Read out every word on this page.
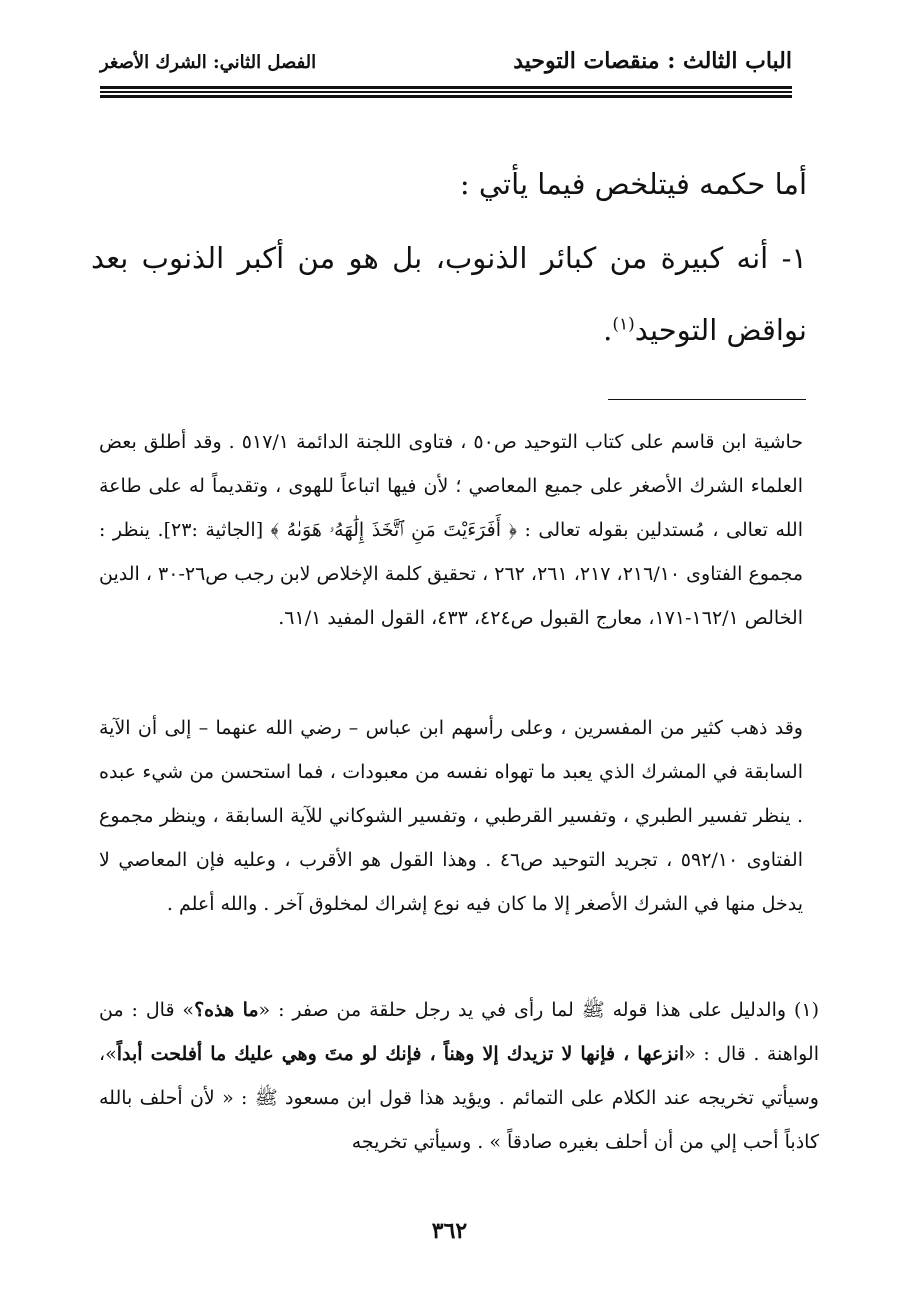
الباب الثالث : منقصات التوحيد
الفصل الثاني: الشرك الأصغر

أما حكمه فيتلخص فيما يأتي :

١- أنه كبيرة من كبائر الذنوب، بل هو من أكبر الذنوب بعد نواقض التوحيد$^{(١)}$.

حاشية ابن قاسم على كتاب التوحيد ص٥٠ ، فتاوى اللجنة الدائمة ٥١٧/١ . وقد أطلق بعض العلماء الشرك الأصغر على جميع المعاصي ؛ لأن فيها اتباعاً للهوى ، وتقديماً له على طاعة الله تعالى ، مُستدلين بقوله تعالى : ﴿ أَفَرَءَيْتَ مَنِ ٱتَّخَذَ إِلَٰهَهُۥ هَوَىٰهُ ﴾ [الجاثية :٢٣]. ينظر : مجموع الفتاوى ٢١٦/١٠، ٢١٧، ٢٦١، ٢٦٢ ، تحقيق كلمة الإخلاص لابن رجب ص٢٦-٣٠ ، الدين الخالص ١٦٢/١-١٧١، معارج القبول ص٤٢٤، ٤٣٣، القول المفيد ٦١/١.

وقد ذهب كثير من المفسرين ، وعلى رأسهم ابن عباس – رضي الله عنهما – إلى أن الآية السابقة في المشرك الذي يعبد ما تهواه نفسه من معبودات ، فما استحسن من شيء عبده . ينظر تفسير الطبري ، وتفسير القرطبي ، وتفسير الشوكاني للآية السابقة ، وينظر مجموع الفتاوى ٥٩٢/١٠ ، تجريد التوحيد ص٤٦ . وهذا القول هو الأقرب ، وعليه فإن المعاصي لا يدخل منها في الشرك الأصغر إلا ما كان فيه نوع إشراك لمخلوق آخر . والله أعلم .

(١) والدليل على هذا قوله ﷺ لما رأى في يد رجل حلقة من صفر : «ما هذه؟» قال : من الواهنة . قال : «انزعها ، فإنها لا تزيدك إلا وهناً ، فإنك لو متَ وهي عليك ما أفلحت أبداً»، وسيأتي تخريجه عند الكلام على التمائم . ويؤيد هذا قول ابن مسعود ﷺ : « لأن أحلف بالله كاذباً أحب إلي من أن أحلف بغيره صادقاً » . وسيأتي تخريجه

٣٦٢
